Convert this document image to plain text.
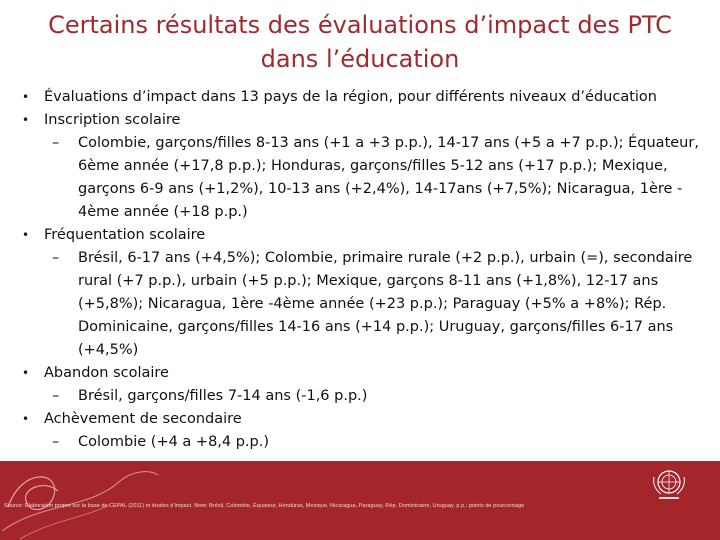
Certains résultats des évaluations d’impact des PTC
dans l’éducation
• Évaluations d’impact dans 13 pays de la région, pour différents niveaux d’éducation
• Inscription scolaire
– Colombie, garçons/filles 8-13 ans (+1 a +3 p.p.), 14-17 ans (+5 a +7 p.p.); Équateur, 6ème année (+17,8 p.p.); Honduras, garçons/filles 5-12 ans (+17 p.p.); Mexique, garçons 6-9 ans (+1,2%), 10-13 ans (+2,4%), 14-17ans (+7,5%); Nicaragua, 1ère - 4ème année (+18 p.p.)
• Fréquentation scolaire
– Brésil, 6-17 ans (+4,5%); Colombie, primaire rurale (+2 p.p.), urbain (=), secondaire rural (+7 p.p.), urbain (+5 p.p.); Mexique, garçons 8-11 ans (+1,8%), 12-17 ans (+5,8%); Nicaragua, 1ère -4ème année (+23 p.p.); Paraguay (+5% a +8%); Rép. Dominicaine, garçons/filles 14-16 ans (+14 p.p.); Uruguay, garçons/filles 6-17 ans (+4,5%)
• Abandon scolaire
– Brésil, garçons/filles 7-14 ans (-1,6 p.p.)
• Achèvement de secondaire
– Colombie (+4 a +8,4 p.p.)
Source: Élaboration propre sur la base de CEPAL (2011) et études d’impact. Note: Brésil, Colombie, Équateur, Honduras, Mexique, Nicaragua, Paraguay, Rép. Dominicaine, Uruguay. p.p.: points de pourcentage
